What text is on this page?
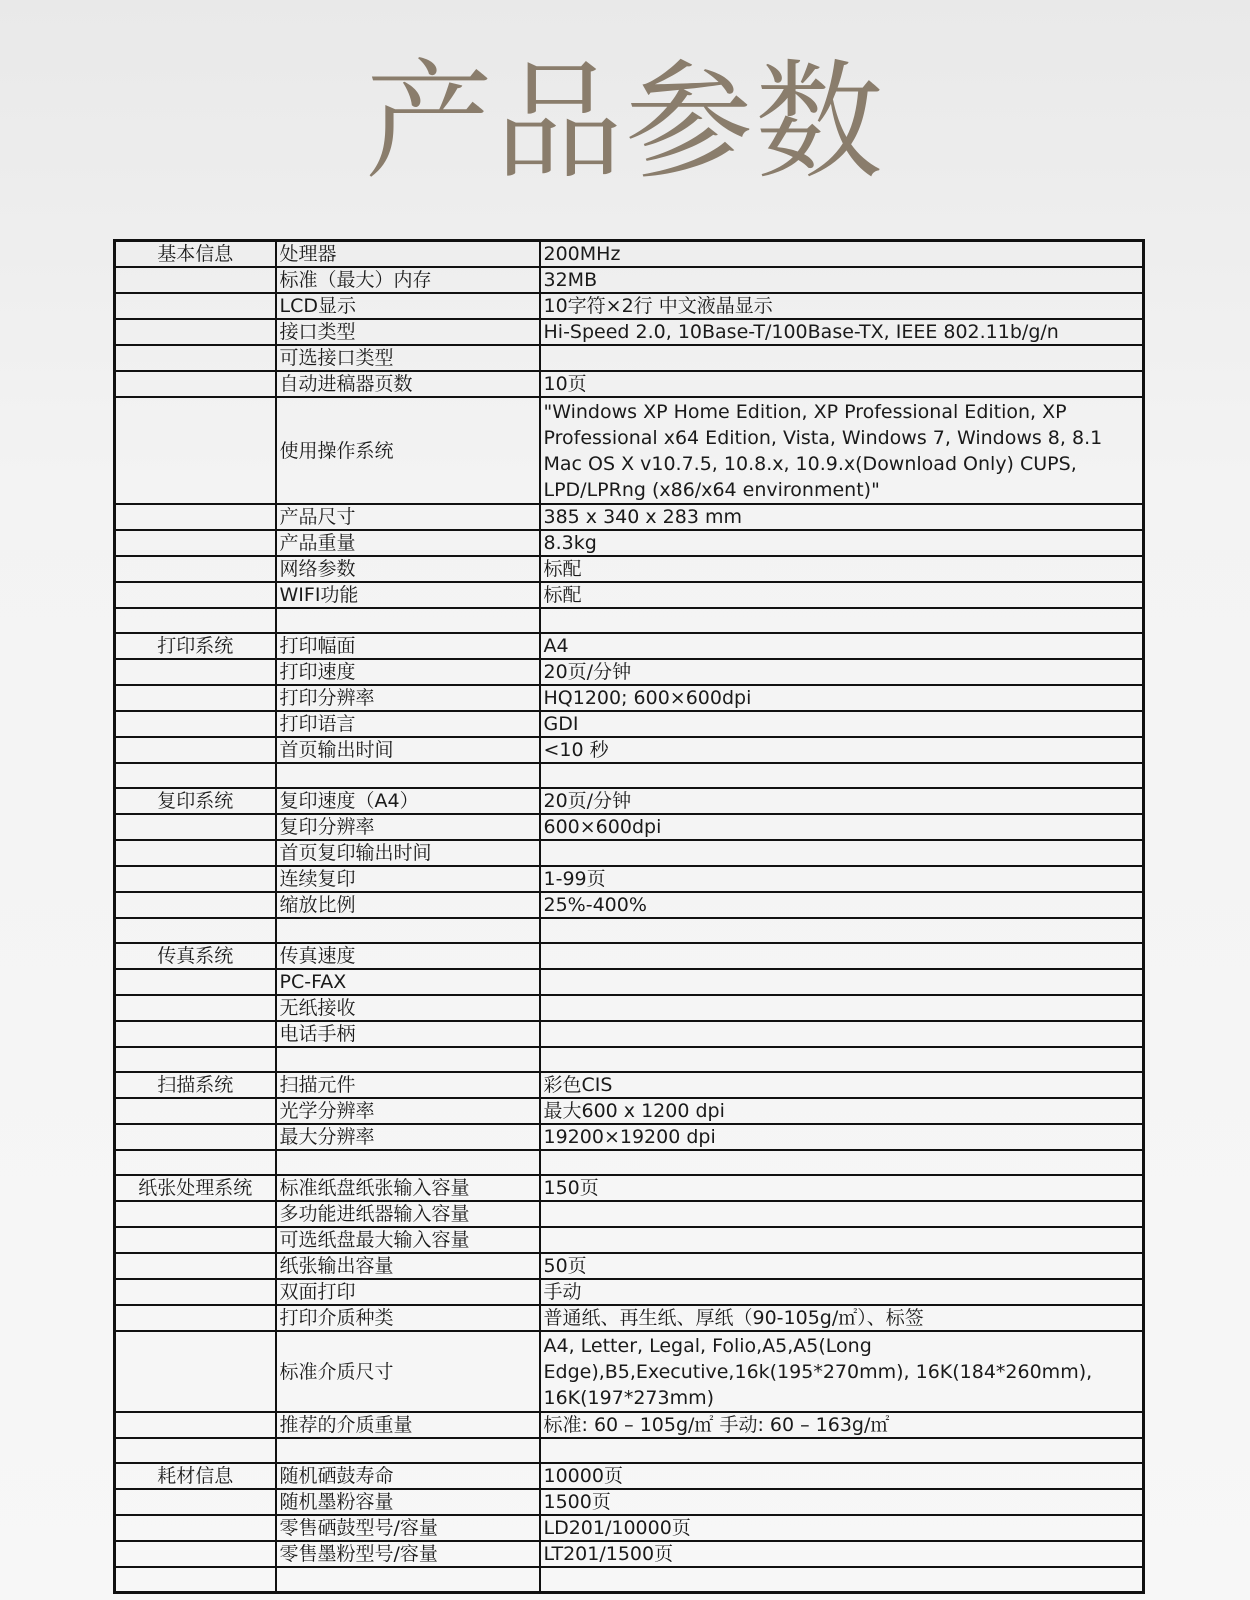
产品参数
基本信息	处理器	200MHz
	标准（最大）内存	32MB
	LCD显示	10字符×2行 中文液晶显示
	接口类型	Hi-Speed 2.0, 10Base-T/100Base-TX, IEEE 802.11b/g/n
	可选接口类型	
	自动进稿器页数	10页
	使用操作系统	"Windows XP Home Edition, XP Professional Edition, XP Professional x64 Edition, Vista, Windows 7, Windows 8, 8.1 Mac OS X v10.7.5, 10.8.x, 10.9.x(Download Only) CUPS, LPD/LPRng (x86/x64 environment)"
	产品尺寸	385 x 340 x 283 mm
	产品重量	8.3kg
	网络参数	标配
	WIFI功能	标配

打印系统	打印幅面	A4
	打印速度	20页/分钟
	打印分辨率	HQ1200; 600×600dpi
	打印语言	GDI
	首页输出时间	<10 秒

复印系统	复印速度（A4）	20页/分钟
	复印分辨率	600×600dpi
	首页复印输出时间	
	连续复印	1-99页
	缩放比例	25%-400%

传真系统	传真速度	
	PC-FAX	
	无纸接收	
	电话手柄	

扫描系统	扫描元件	彩色CIS
	光学分辨率	最大600 x 1200 dpi
	最大分辨率	19200×19200 dpi

纸张处理系统	标准纸盘纸张输入容量	150页
	多功能进纸器输入容量	
	可选纸盘最大输入容量	
	纸张输出容量	50页
	双面打印	手动
	打印介质种类	普通纸、再生纸、厚纸（90-105g/㎡）、标签
	标准介质尺寸	A4, Letter, Legal, Folio,A5,A5(Long Edge),B5,Executive,16k(195*270mm), 16K(184*260mm), 16K(197*273mm)
	推荐的介质重量	标准: 60 – 105g/㎡ 手动: 60 – 163g/㎡

耗材信息	随机硒鼓寿命	10000页
	随机墨粉容量	1500页
	零售硒鼓型号/容量	LD201/10000页
	零售墨粉型号/容量	LT201/1500页
